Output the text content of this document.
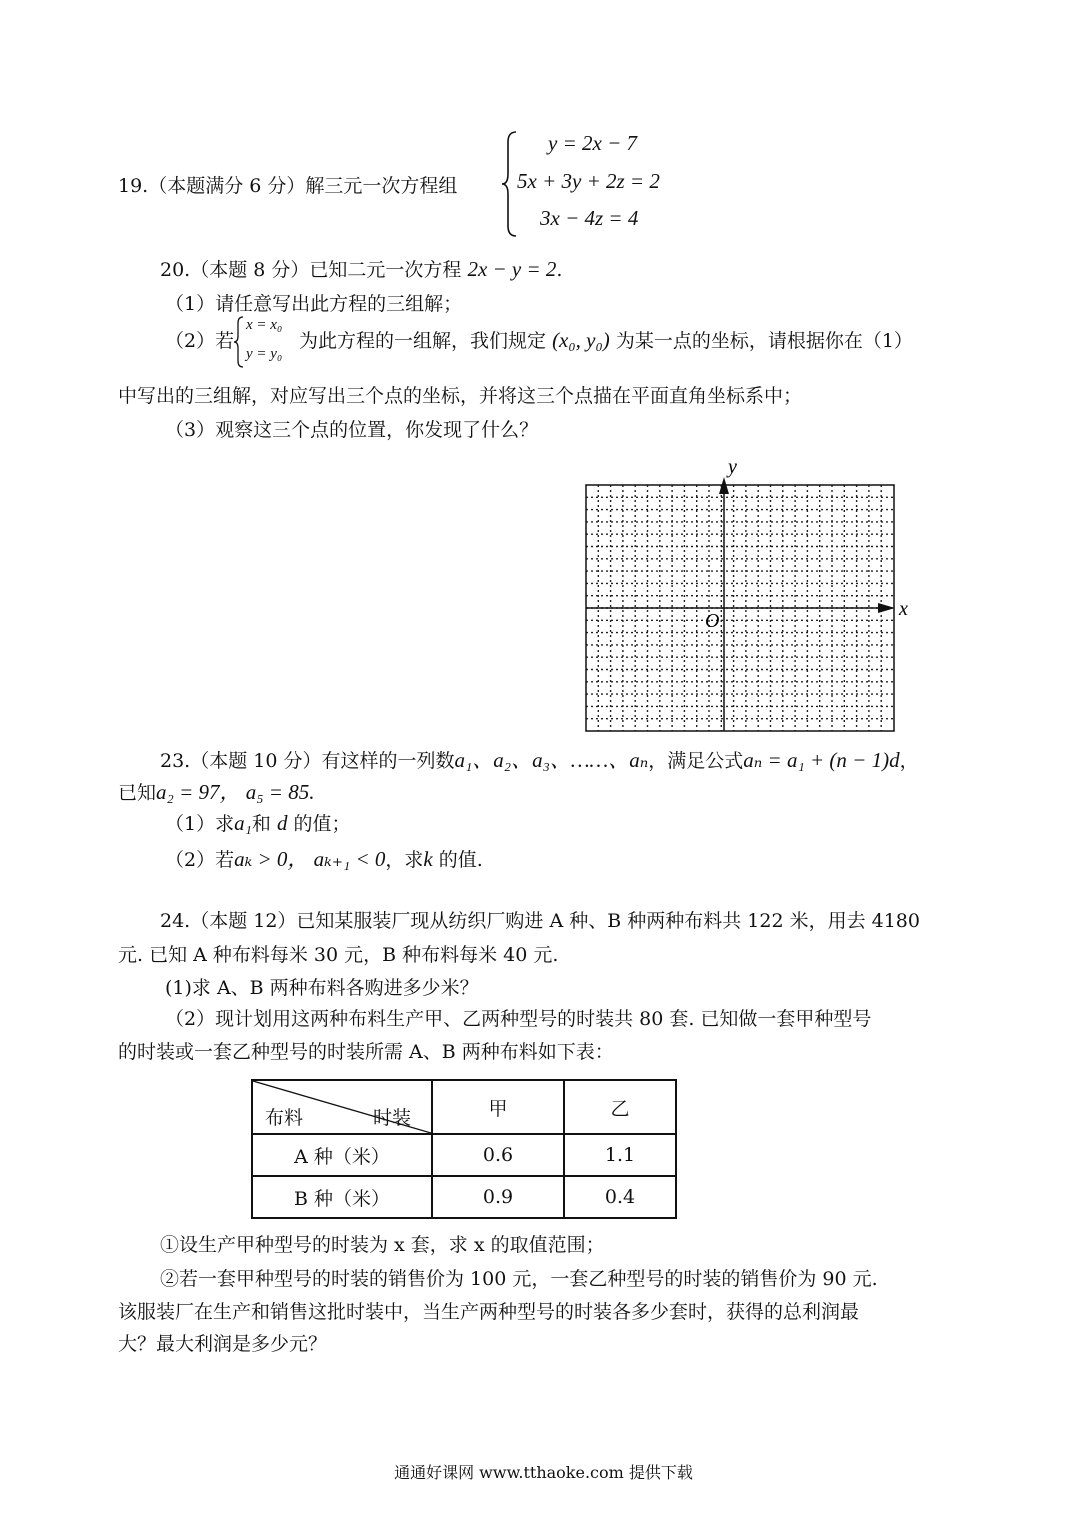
19.（本题满分 6 分）解三元一次方程组
y = 2x − 7
5x + 3y + 2z = 2
3x − 4z = 4
20.（本题 8 分）已知二元一次方程 2x − y = 2.
（1）请任意写出此方程的三组解；
（2）若
x = x₀
y = y₀
为此方程的一组解，我们规定 (x₀, y₀) 为某一点的坐标，请根据你在（1）
中写出的三组解，对应写出三个点的坐标，并将这三个点描在平面直角坐标系中；
（3）观察这三个点的位置，你发现了什么？
x
y
O
23.（本题 10 分）有这样的一列数a₁、a₂、a₃、……、aₙ，满足公式aₙ = a₁ + (n − 1)d，
已知a₂ = 97， a₅ = 85.
（1）求a₁和 d 的值；
（2）若aₖ > 0， aₖ₊₁ < 0，求k 的值.
24.（本题 12）已知某服装厂现从纺织厂购进 A 种、B 种两种布料共 122 米，用去 4180
元. 已知 A 种布料每米 30 元，B 种布料每米 40 元.
(1)求 A、B 两种布料各购进多少米？
（2）现计划用这两种布料生产甲、乙两种型号的时装共 80 套. 已知做一套甲种型号
的时装或一套乙种型号的时装所需 A、B 两种布料如下表：
布料 时装	甲	乙
A 种（米）	0.6	1.1
B 种（米）	0.9	0.4
①设生产甲种型号的时装为 x 套，求 x 的取值范围；
②若一套甲种型号的时装的销售价为 100 元，一套乙种型号的时装的销售价为 90 元.
该服装厂在生产和销售这批时装中，当生产两种型号的时装各多少套时，获得的总利润最
大？最大利润是多少元？
通通好课网 www.tthaoke.com 提供下载
